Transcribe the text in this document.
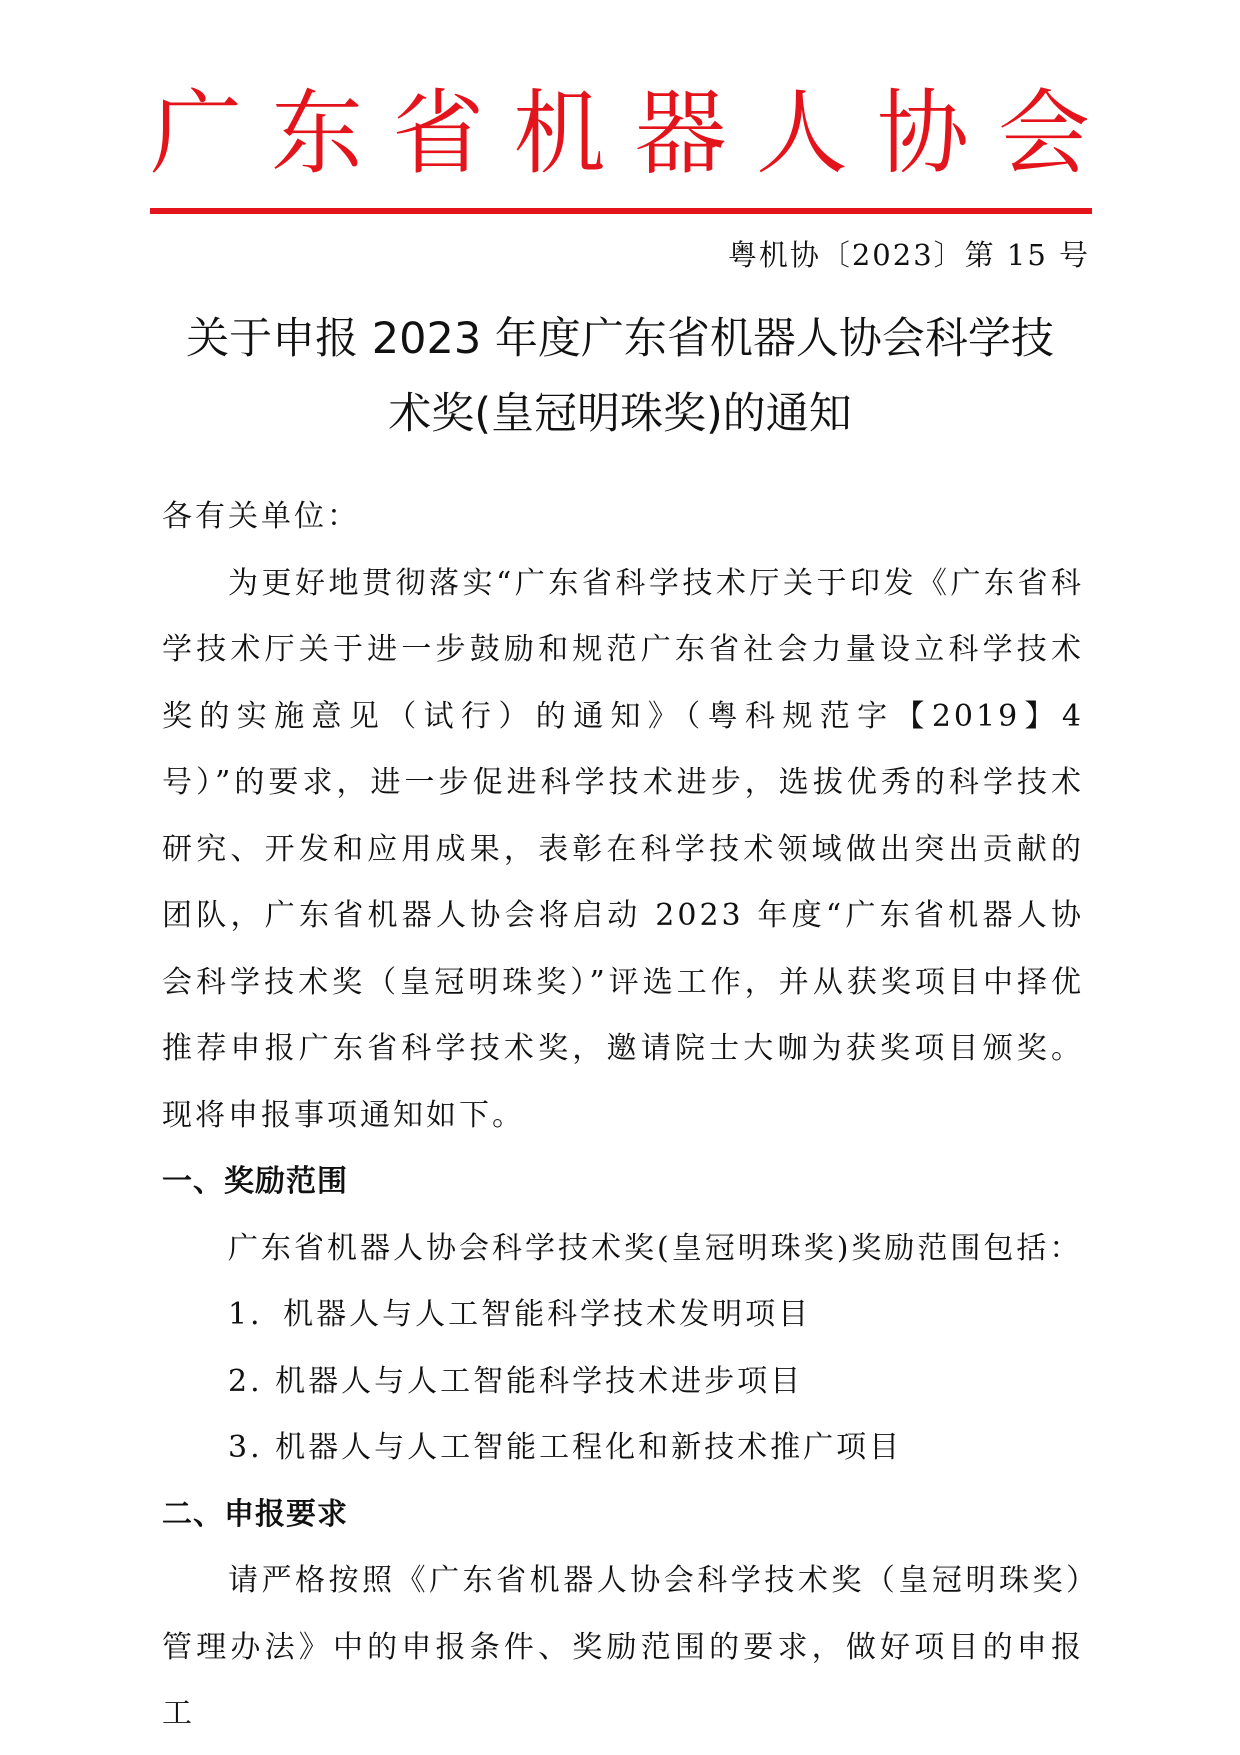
广 东 省 机 器 人 协 会
粤机协〔2023〕第 15 号
关于申报 2023 年度广东省机器人协会科学技
术奖(皇冠明珠奖)的通知

各有关单位：

为更好地贯彻落实“广东省科学技术厅关于印发《广东省科学技术厅关于进一步鼓励和规范广东省社会力量设立科学技术奖的实施意见（试行）的通知》（粤科规范字【2019】4 号）”的要求，进一步促进科学技术进步，选拔优秀的科学技术研究、开发和应用成果，表彰在科学技术领域做出突出贡献的团队，广东省机器人协会将启动 2023 年度“广东省机器人协会科学技术奖（皇冠明珠奖）”评选工作，并从获奖项目中择优推荐申报广东省科学技术奖，邀请院士大咖为获奖项目颁奖。现将申报事项通知如下。

一、奖励范围

广东省机器人协会科学技术奖(皇冠明珠奖)奖励范围包括：

1．机器人与人工智能科学技术发明项目

2. 机器人与人工智能科学技术进步项目

3. 机器人与人工智能工程化和新技术推广项目

二、申报要求

请严格按照《广东省机器人协会科学技术奖（皇冠明珠奖）管理办法》中的申报条件、奖励范围的要求，做好项目的申报工
